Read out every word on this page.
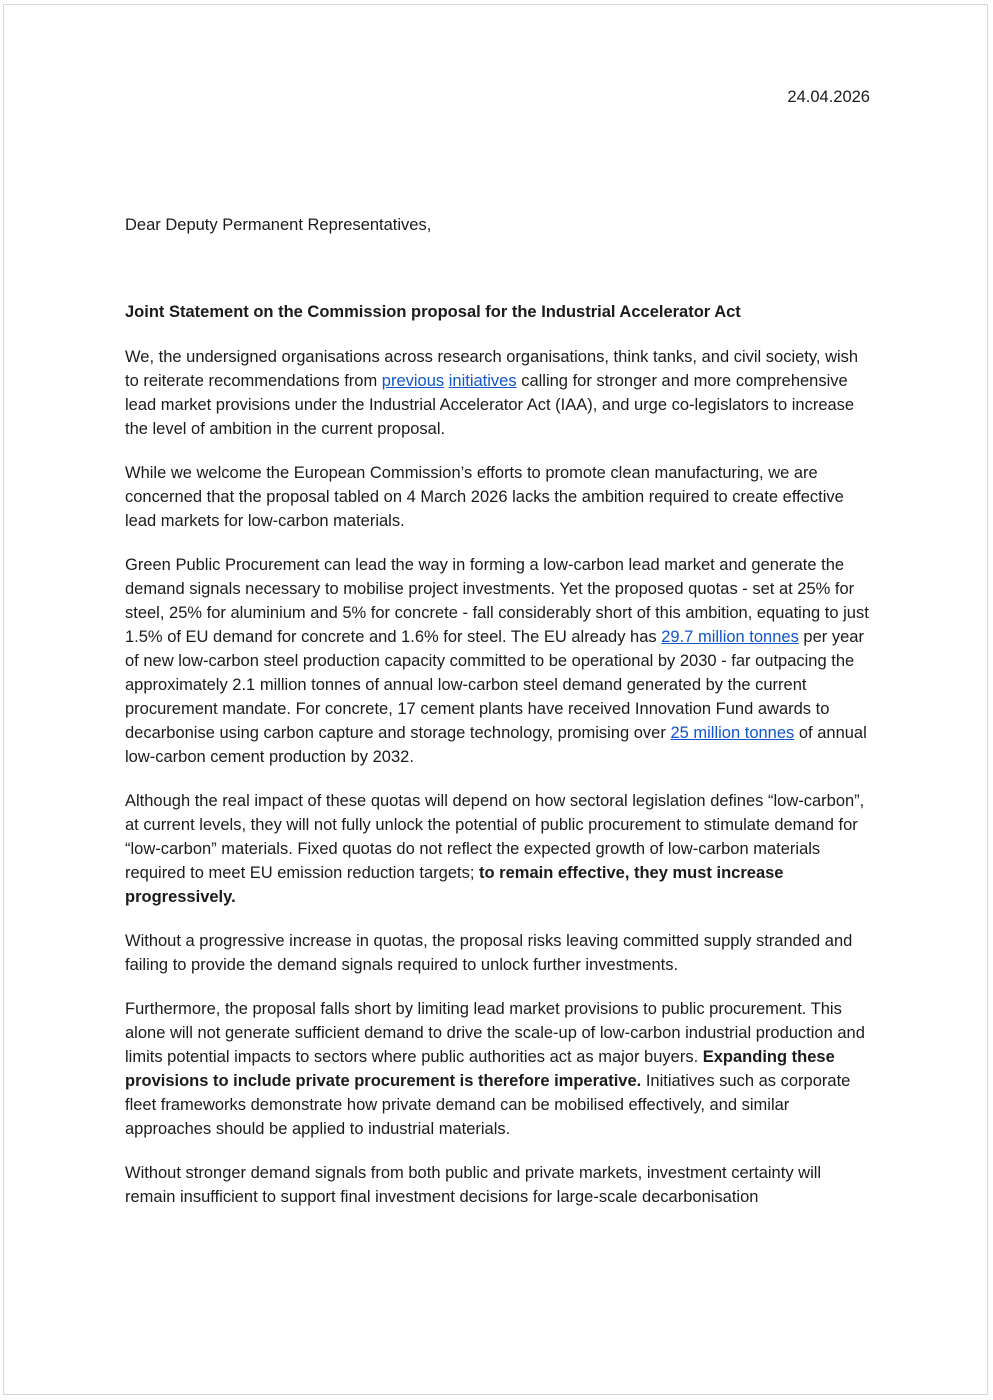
24.04.2026

Dear Deputy Permanent Representatives,

Joint Statement on the Commission proposal for the Industrial Accelerator Act

We, the undersigned organisations across research organisations, think tanks, and civil society, wish to reiterate recommendations from previous initiatives calling for stronger and more comprehensive lead market provisions under the Industrial Accelerator Act (IAA), and urge co-legislators to increase the level of ambition in the current proposal.

While we welcome the European Commission’s efforts to promote clean manufacturing, we are concerned that the proposal tabled on 4 March 2026 lacks the ambition required to create effective lead markets for low-carbon materials.

Green Public Procurement can lead the way in forming a low-carbon lead market and generate the demand signals necessary to mobilise project investments. Yet the proposed quotas - set at 25% for steel, 25% for aluminium and 5% for concrete - fall considerably short of this ambition, equating to just 1.5% of EU demand for concrete and 1.6% for steel. The EU already has 29.7 million tonnes per year of new low-carbon steel production capacity committed to be operational by 2030 - far outpacing the approximately 2.1 million tonnes of annual low-carbon steel demand generated by the current procurement mandate. For concrete, 17 cement plants have received Innovation Fund awards to decarbonise using carbon capture and storage technology, promising over 25 million tonnes of annual low-carbon cement production by 2032.

Although the real impact of these quotas will depend on how sectoral legislation defines “low-carbon”, at current levels, they will not fully unlock the potential of public procurement to stimulate demand for “low-carbon” materials. Fixed quotas do not reflect the expected growth of low-carbon materials required to meet EU emission reduction targets; to remain effective, they must increase progressively.

Without a progressive increase in quotas, the proposal risks leaving committed supply stranded and failing to provide the demand signals required to unlock further investments.

Furthermore, the proposal falls short by limiting lead market provisions to public procurement. This alone will not generate sufficient demand to drive the scale-up of low-carbon industrial production and limits potential impacts to sectors where public authorities act as major buyers. Expanding these provisions to include private procurement is therefore imperative. Initiatives such as corporate fleet frameworks demonstrate how private demand can be mobilised effectively, and similar approaches should be applied to industrial materials.

Without stronger demand signals from both public and private markets, investment certainty will remain insufficient to support final investment decisions for large-scale decarbonisation
